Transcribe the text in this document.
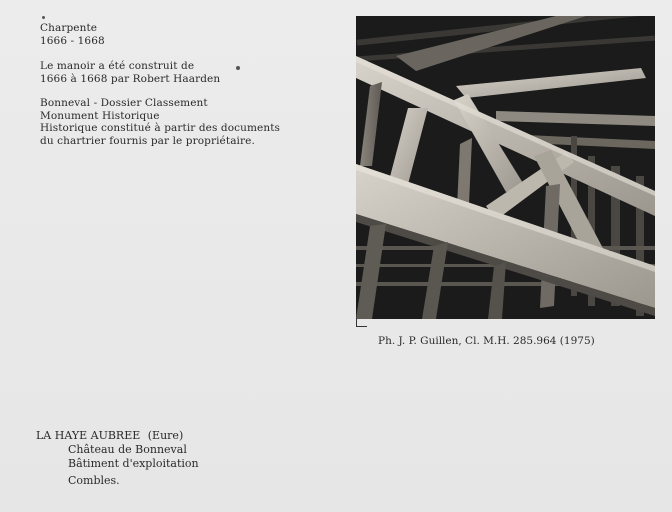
Charpente
1666 - 1668
Le manoir a été construit de
1666 à 1668 par Robert Haarden
Bonneval - Dossier Classement
Monument Historique
Historique constitué à partir des documents
du chartrier fournis par le propriétaire.
Ph. J. P. Guillen, Cl. M.H. 285.964 (1975)
LA HAYE AUBREE (Eure)
Château de Bonneval
Bâtiment d'exploitation
Combles.
